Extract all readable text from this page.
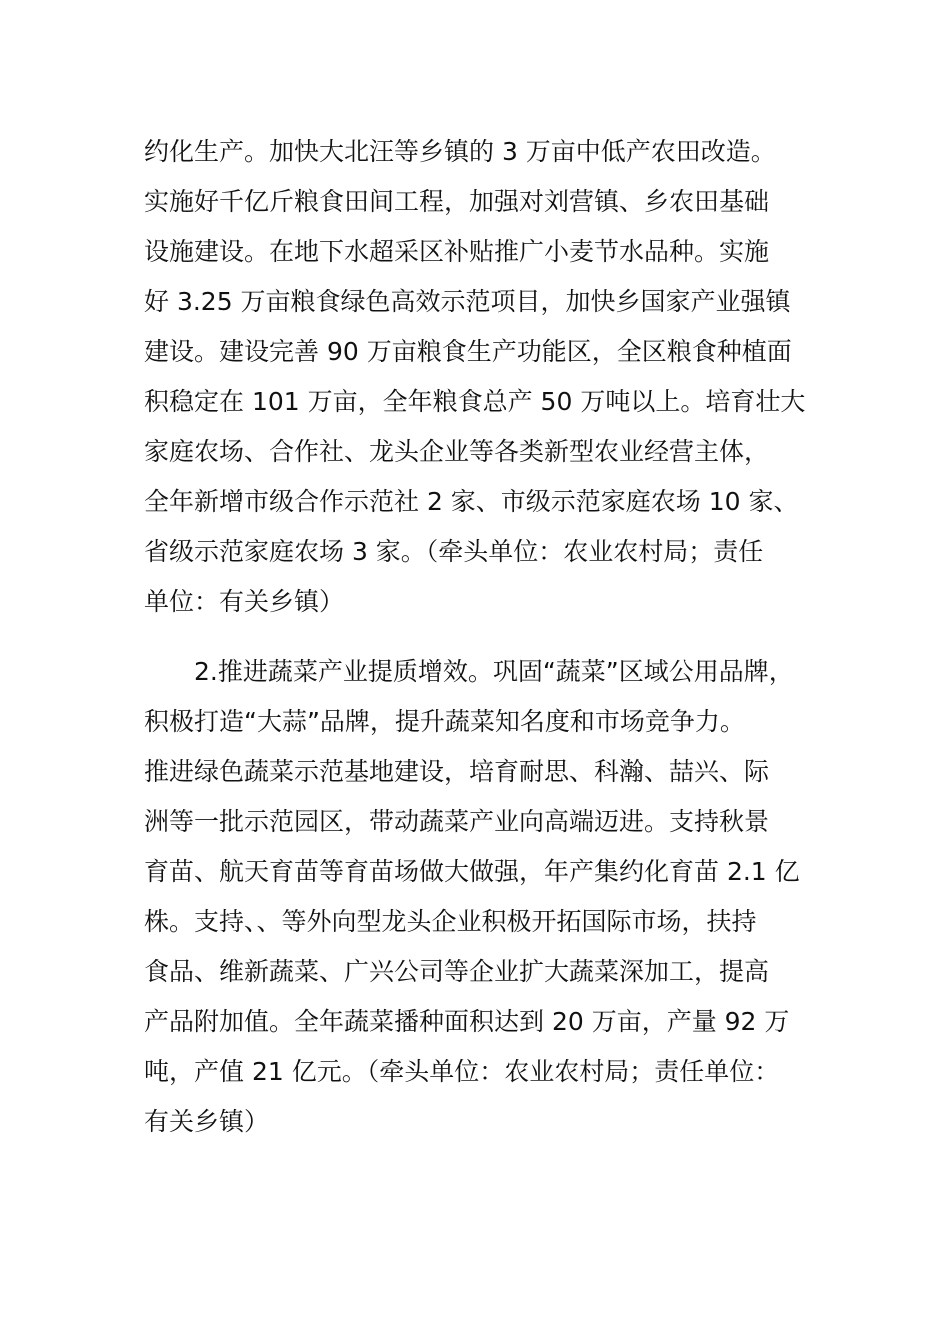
约化生产。加快大北汪等乡镇的 3 万亩中低产农田改造。
实施好千亿斤粮食田间工程，加强对刘营镇、乡农田基础
设施建设。在地下水超采区补贴推广小麦节水品种。实施
好 3.25 万亩粮食绿色高效示范项目，加快乡国家产业强镇
建设。建设完善 90 万亩粮食生产功能区，全区粮食种植面
积稳定在 101 万亩，全年粮食总产 50 万吨以上。培育壮大
家庭农场、合作社、龙头企业等各类新型农业经营主体，
全年新增市级合作示范社 2 家、市级示范家庭农场 10 家、
省级示范家庭农场 3 家。（牵头单位：农业农村局；责任
单位：有关乡镇）
2.推进蔬菜产业提质增效。巩固“蔬菜”区域公用品牌，
积极打造“大蒜”品牌，提升蔬菜知名度和市场竞争力。
推进绿色蔬菜示范基地建设，培育耐思、科瀚、喆兴、际
洲等一批示范园区，带动蔬菜产业向高端迈进。支持秋景
育苗、航天育苗等育苗场做大做强，年产集约化育苗 2.1 亿
株。支持、、等外向型龙头企业积极开拓国际市场，扶持
食品、维新蔬菜、广兴公司等企业扩大蔬菜深加工，提高
产品附加值。全年蔬菜播种面积达到 20 万亩，产量 92 万
吨，产值 21 亿元。（牵头单位：农业农村局；责任单位：
有关乡镇）
